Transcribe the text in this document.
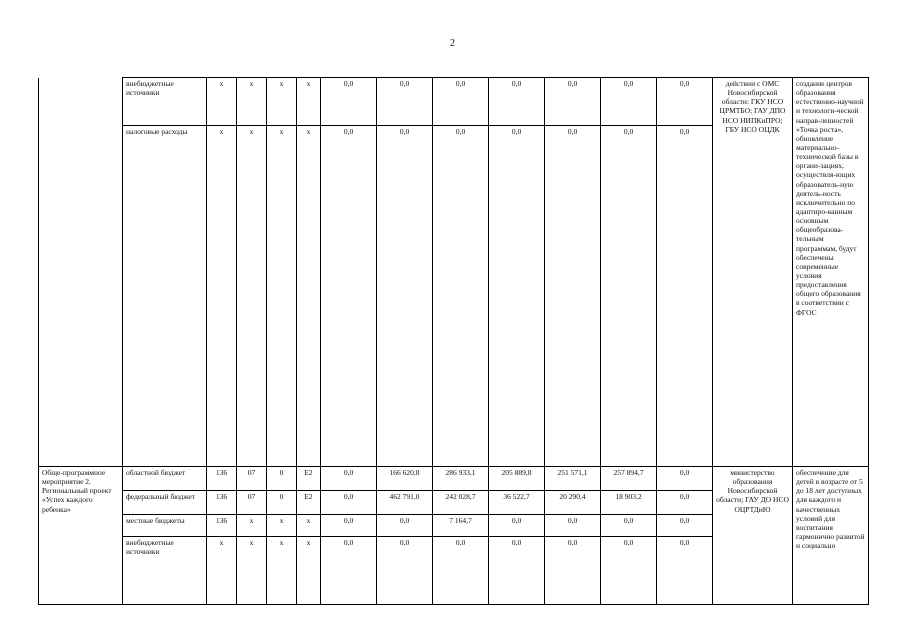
2
	внебюджетные источники	х	х	х	х	0,0	0,0	0,0	0,0	0,0	0,0	0,0	действии с ОМС Новосибирской области: ГКУ НСО ЦРМТБО; ГАУ ДПО НСО НИПКиПРО; ГБУ НСО ОЦДК	создание центров образования естественно-научной и технологи-ческой направ-ленностей «Точка роста», обновление материально-технической базы в органи-зациях, осуществля-ющих образователь-ную деятель-ность исключительно по адаптиро-ванным основным общеобразова-тельным программам, будут обеспечены современные условия предоставления общего образования в соответствии с ФГОС
	налоговые расходы	х	х	х	х	0,0	0,0	0,0	0,0	0,0	0,0	0,0		
Обще-программное мероприятие 2. Региональный проект «Успех каждого ребенка»	областной бюджет	136	07	0	Е2	0,0	166 620,8	286 933,1	205 889,8	251 571,1	257 894,7	0,0	министерство образования Новосибирской области; ГАУ ДО НСО ОЦРТДиЮ	обеспечение для детей в возрасте от 5 до 18 лет доступных для каждого и качественных условий для воспитания гармонично развитой и социально
	федеральный бюджет	136	07	0	Е2	0,0	462 791,0	242 028,7	36 522,7	20 290,4	18 903,2	0,0		
	местные бюджеты	136	х	х	х	0,0	0,0	7 164,7	0,0	0,0	0,0	0,0		
	внебюджетные источники	х	х	х	х	0,0	0,0	0,0	0,0	0,0	0,0	0,0		
